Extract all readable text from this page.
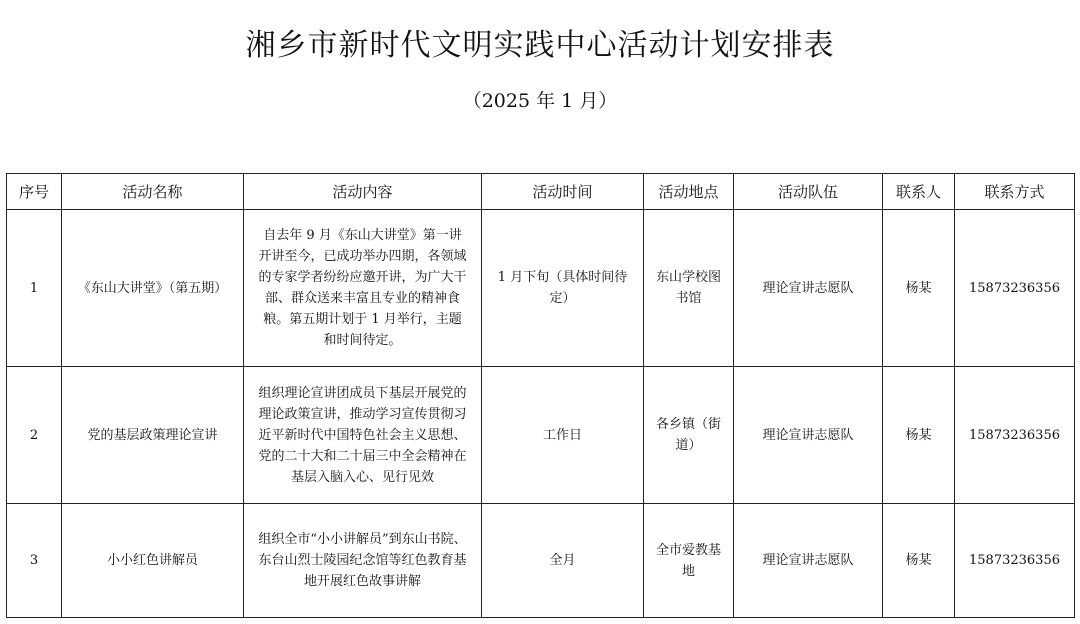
湘乡市新时代文明实践中心活动计划安排表
（2025 年 1 月）
序号	活动名称	活动内容	活动时间	活动地点	活动队伍	联系人	联系方式
1	《东山大讲堂》（第五期）	自去年 9 月《东山大讲堂》第一讲开讲至今，已成功举办四期，各领域的专家学者纷纷应邀开讲，为广大干部、群众送来丰富且专业的精神食粮。第五期计划于 1 月举行，主题和时间待定。	1 月下旬（具体时间待定）	东山学校图书馆	理论宣讲志愿队	杨某	15873236356
2	党的基层政策理论宣讲	组织理论宣讲团成员下基层开展党的理论政策宣讲，推动学习宣传贯彻习近平新时代中国特色社会主义思想、党的二十大和二十届三中全会精神在基层入脑入心、见行见效	工作日	各乡镇（街道）	理论宣讲志愿队	杨某	15873236356
3	小小红色讲解员	组织全市“小小讲解员”到东山书院、东台山烈士陵园纪念馆等红色教育基地开展红色故事讲解	全月	全市爱教基地	理论宣讲志愿队	杨某	15873236356
